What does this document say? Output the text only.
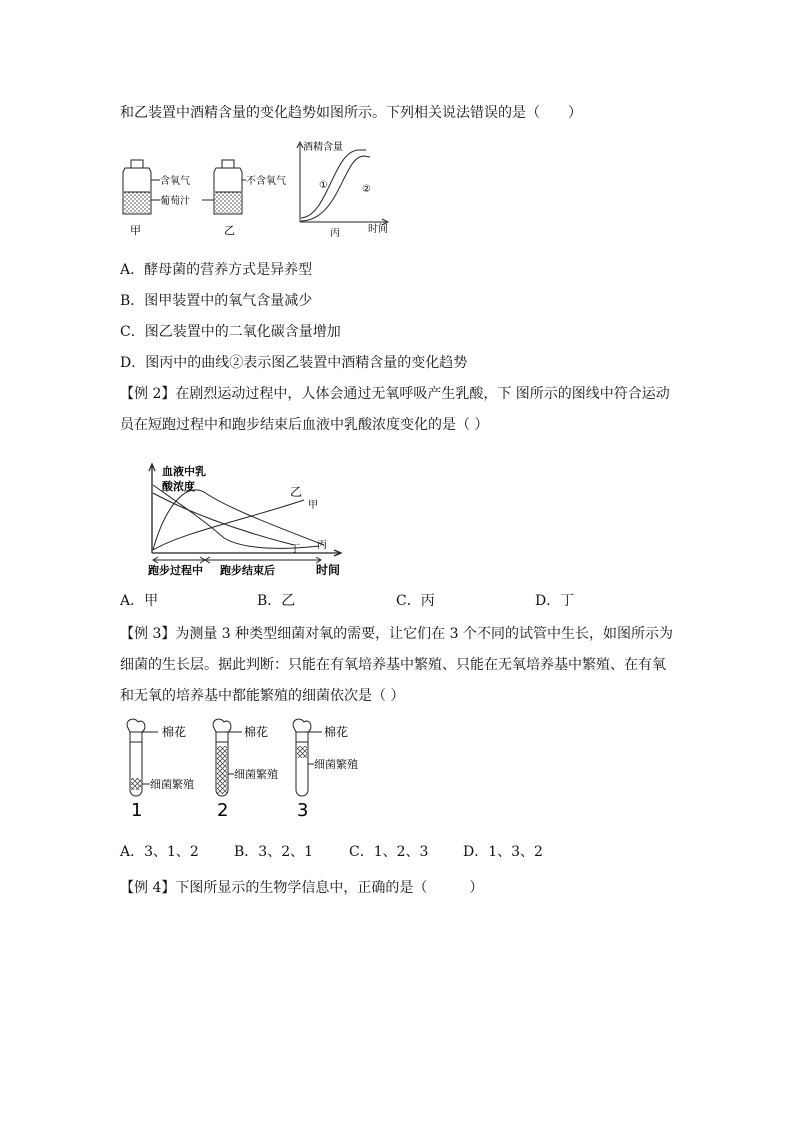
和乙装置中酒精含量的变化趋势如图所示。下列相关说法错误的是（　　）
含氧气
葡萄汁
甲
不含氧气
乙
酒精含量
①	②
丙	时间
A．酵母菌的营养方式是异养型
B．图甲装置中的氧气含量减少
C．图乙装置中的二氧化碳含量增加
D．图丙中的曲线②表示图乙装置中酒精含量的变化趋势
【例 2】在剧烈运动过程中，人体会通过无氧呼吸产生乳酸，下 图所示的图线中符合运动
员在短跑过程中和跑步结束后血液中乳酸浓度变化的是（ ）
血液中乳
酸浓度	乙
甲
丁 丙
跑步过程中 跑步结束后	时间
A．甲	B．乙	C．丙	D．丁
【例 3】为测量 3 种类型细菌对氧的需要，让它们在 3 个不同的试管中生长，如图所示为
细菌的生长层。据此判断：只能在有氧培养基中繁殖、只能在无氧培养基中繁殖、在有氧
和无氧的培养基中都能繁殖的细菌依次是（ ）
棉花
细菌繁殖
1
棉花
细菌繁殖
2
棉花
细菌繁殖
3
A．3、1、2	B．3、2、1	C．1、2、3 D．1、3、2
【例 4】下图所显示的生物学信息中，正确的是（　　　）
